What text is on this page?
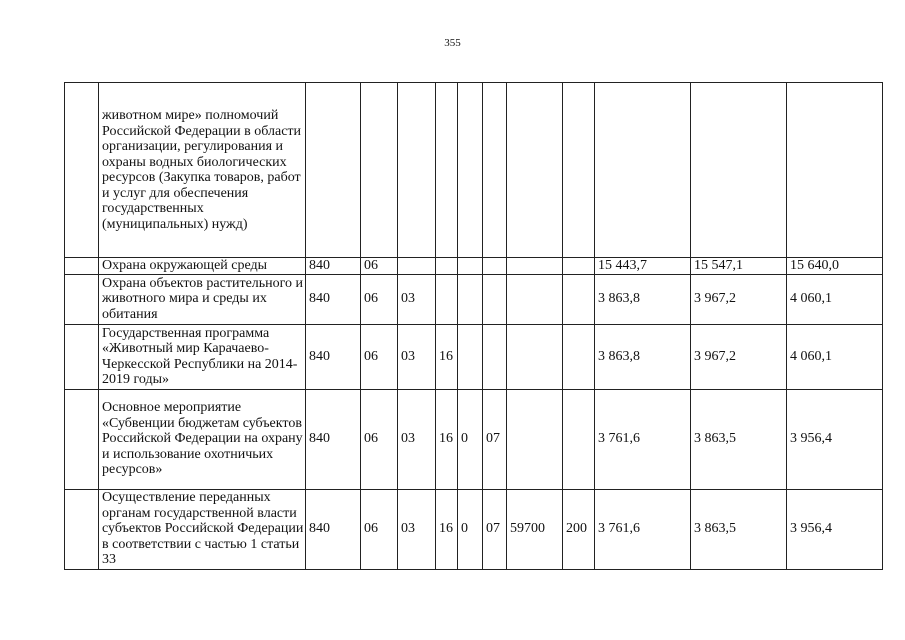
355
	животном мире» полномочий Российской Федерации в области организации, регулирования и охраны водных биологических ресурсов (Закупка товаров, работ и услуг для обеспечения государственных (муниципальных) нужд)											
	Охрана окружающей среды	840	06							15 443,7	15 547,1	15 640,0
	Охрана объектов растительного и животного мира и среды их обитания	840	06	03						3 863,8	3 967,2	4 060,1
	Государственная программа «Животный мир Карачаево-Черкесской Республики на 2014-2019 годы»	840	06	03	16					3 863,8	3 967,2	4 060,1
	Основное мероприятие «Субвенции бюджетам субъектов Российской Федерации на охрану и использование охотничьих ресурсов»	840	06	03	16	0	07			3 761,6	3 863,5	3 956,4
	Осуществление переданных органам государственной власти субъектов Российской Федерации в соответствии с частью 1 статьи 33	840	06	03	16	0	07	59700	200	3 761,6	3 863,5	3 956,4
